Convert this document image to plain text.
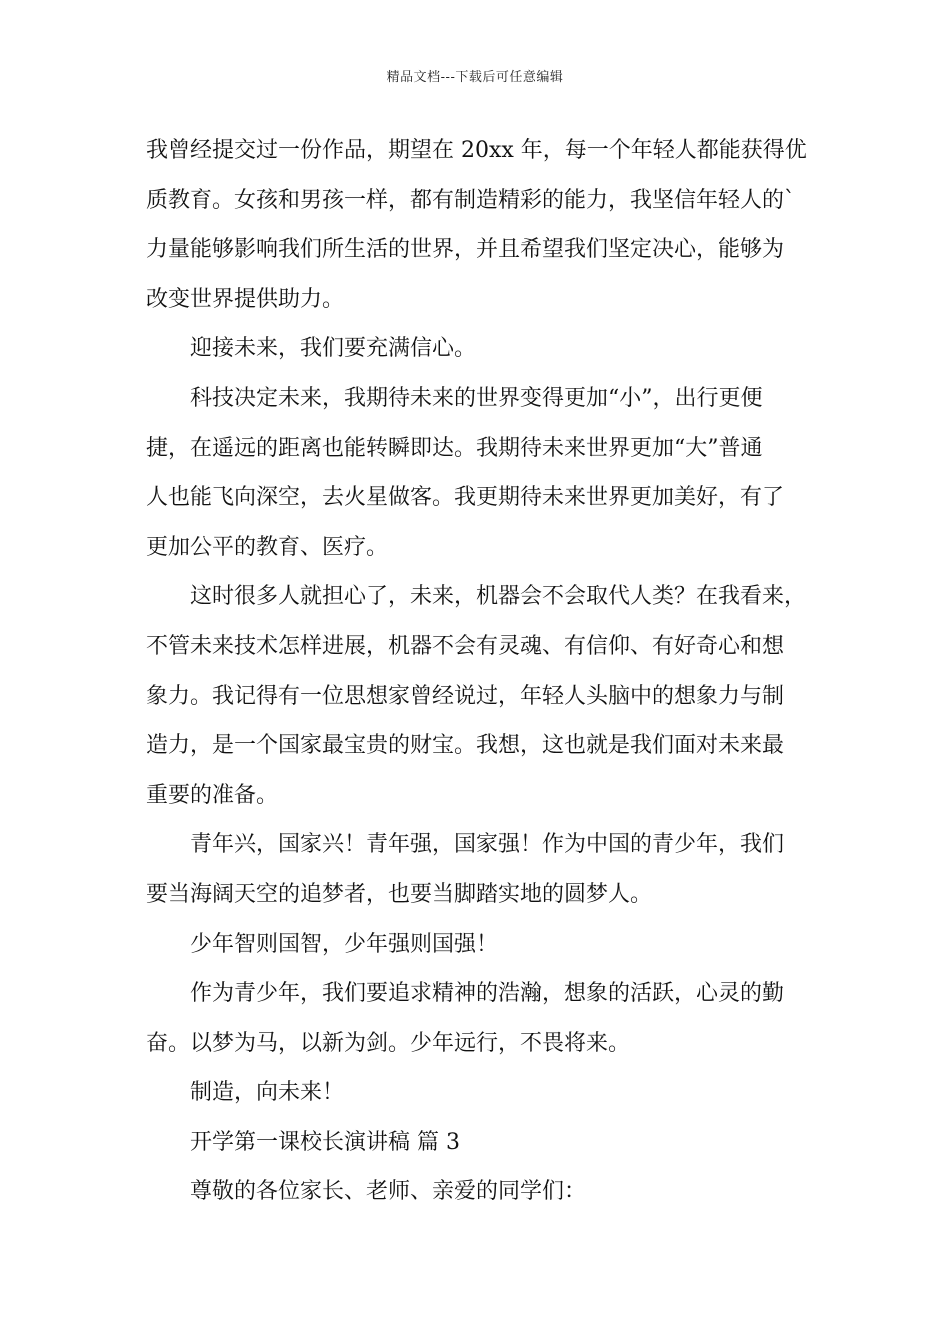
精品文档---下载后可任意编辑
我曾经提交过一份作品，期望在 20xx 年，每一个年轻人都能获得优
质教育。女孩和男孩一样，都有制造精彩的能力，我坚信年轻人的`
力量能够影响我们所生活的世界，并且希望我们坚定决心，能够为
改变世界提供助力。
迎接未来，我们要充满信心。
科技决定未来，我期待未来的世界变得更加“小”，出行更便
捷，在遥远的距离也能转瞬即达。我期待未来世界更加“大”普通
人也能飞向深空，去火星做客。我更期待未来世界更加美好，有了
更加公平的教育、医疗。
这时很多人就担心了，未来，机器会不会取代人类？在我看来，
不管未来技术怎样进展，机器不会有灵魂、有信仰、有好奇心和想
象力。我记得有一位思想家曾经说过，年轻人头脑中的想象力与制
造力，是一个国家最宝贵的财宝。我想，这也就是我们面对未来最
重要的准备。
青年兴，国家兴！青年强，国家强！作为中国的青少年，我们
要当海阔天空的追梦者，也要当脚踏实地的圆梦人。
少年智则国智，少年强则国强！
作为青少年，我们要追求精神的浩瀚，想象的活跃，心灵的勤
奋。以梦为马，以新为剑。少年远行，不畏将来。
制造，向未来！
开学第一课校长演讲稿 篇 3
尊敬的各位家长、老师、亲爱的同学们：
